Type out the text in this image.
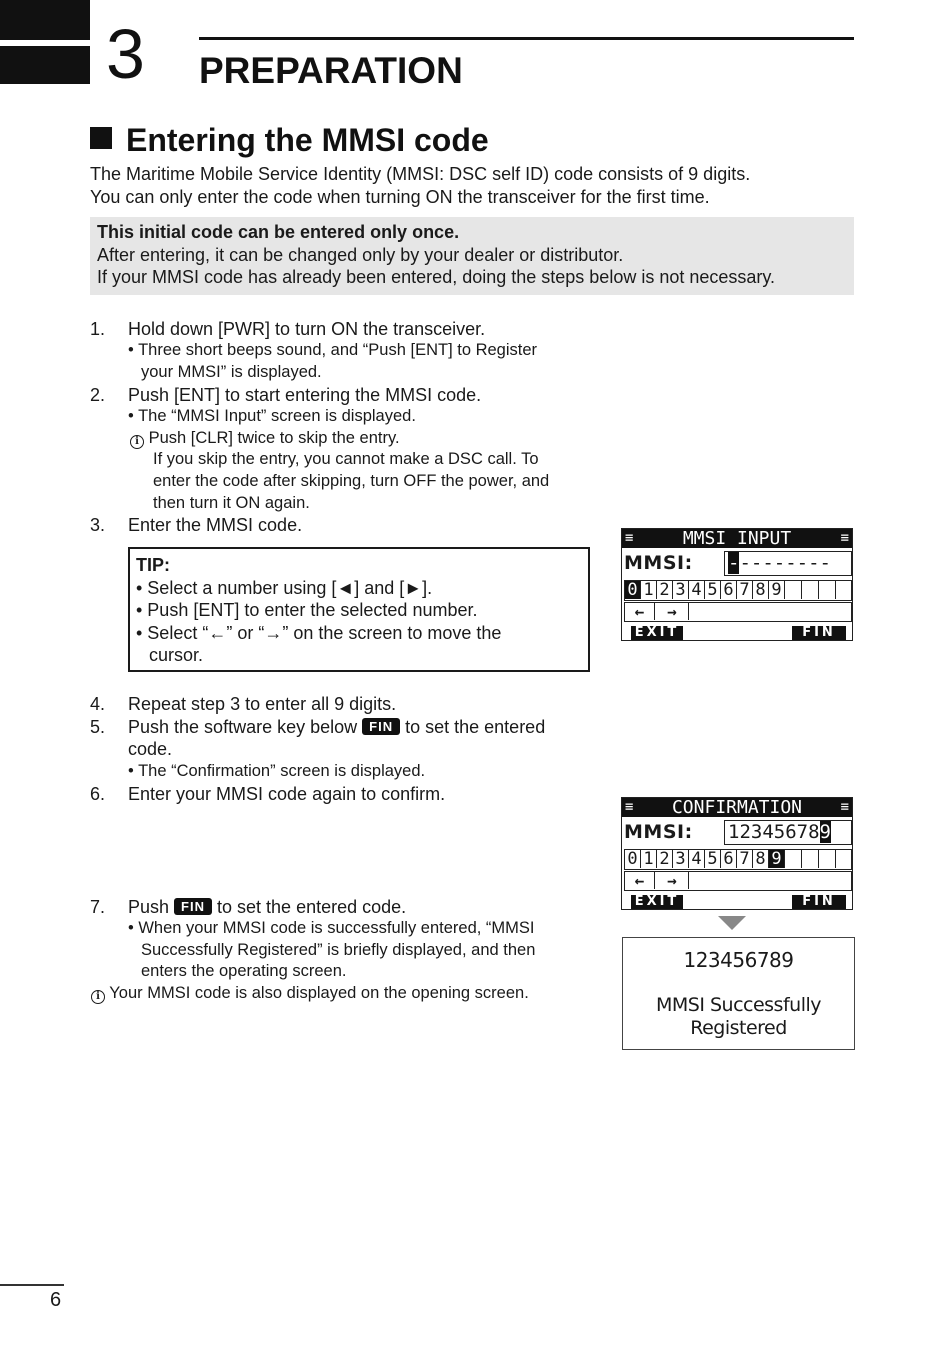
3 PREPARATION
Entering the MMSI code
The Maritime Mobile Service Identity (MMSI: DSC self ID) code consists of 9 digits.
You can only enter the code when turning ON the transceiver for the first time.
This initial code can be entered only once.
After entering, it can be changed only by your dealer or distributor.
If your MMSI code has already been entered, doing the steps below is not necessary.
1. Hold down [PWR] to turn ON the transceiver.
• Three short beeps sound, and “Push [ENT] to Register
your MMSI” is displayed.
2. Push [ENT] to start entering the MMSI code.
• The “MMSI Input” screen is displayed.
i Push [CLR] twice to skip the entry.
If you skip the entry, you cannot make a DSC call. To
enter the code after skipping, turn OFF the power, and
then turn it ON again.
3. Enter the MMSI code.
TIP:
• Select a number using [◄] and [►].
• Push [ENT] to enter the selected number.
• Select “←” or “→” on the screen to move the
cursor.
≡	MMSI INPUT	≡
MMSI: ---------
0 1 2 3 4 5 6 7 8 9
←	→
EXIT	FIN
4. Repeat step 3 to enter all 9 digits.
5. Push the software key below FIN to set the entered
code.
• The “Confirmation” screen is displayed.
6. Enter your MMSI code again to confirm.
≡ CONFIRMATION	≡
MMSI: 123456789
0 1 2 3 4 5 6 7 8 9
←	→
EXIT	FIN
123456789
MMSI Successfully
Registered
7. Push FIN to set the entered code.
• When your MMSI code is successfully entered, “MMSI
Successfully Registered” is briefly displayed, and then
enters the operating screen.
i Your MMSI code is also displayed on the opening screen.
6
